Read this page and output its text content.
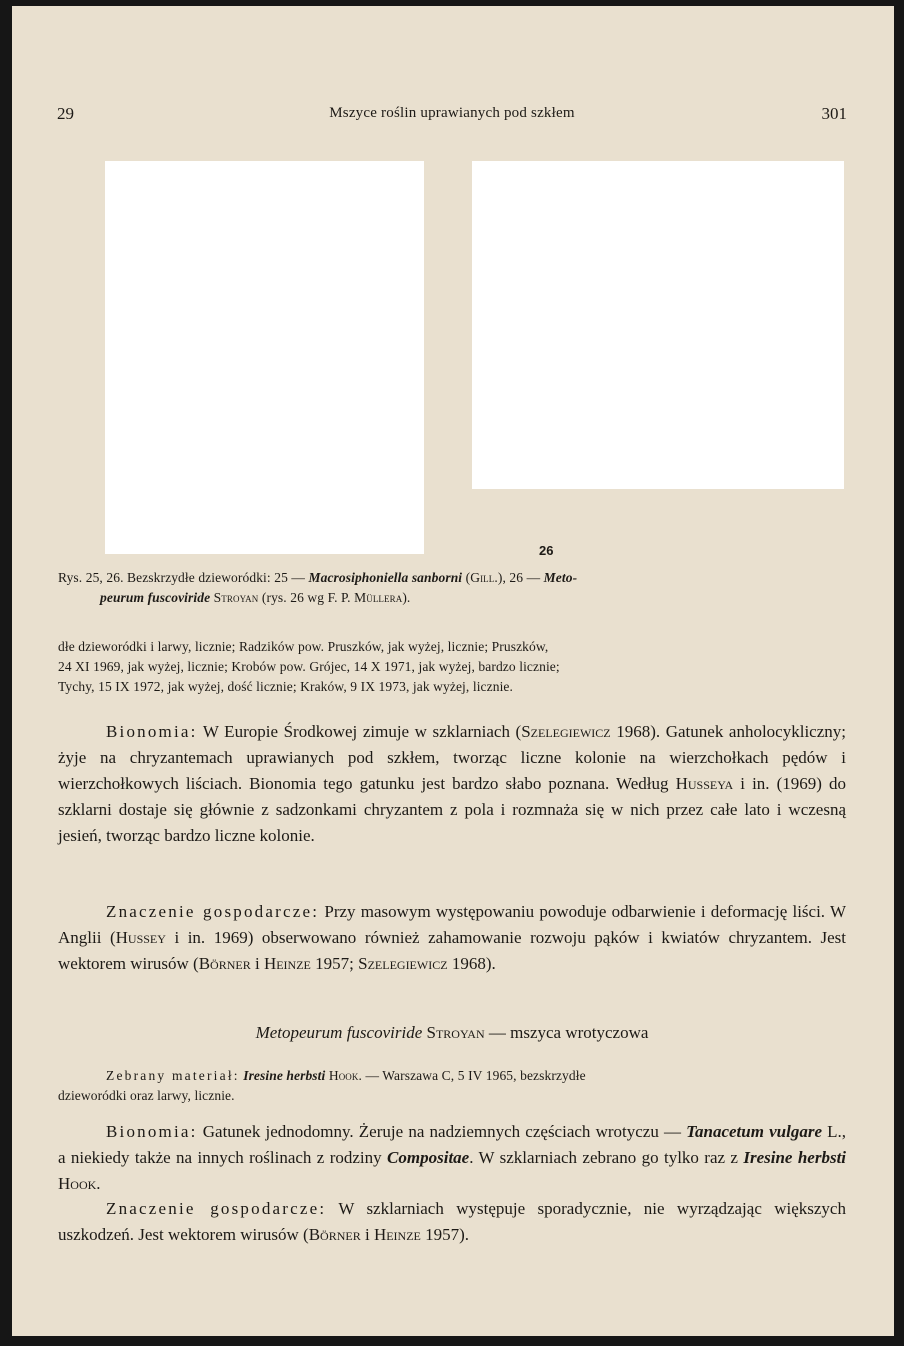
29	Mszyce roślin uprawianych pod szkłem	301
26
Rys. 25, 26. Bezskrzydłe dzieworódki: 25 — Macrosiphoniella sanborni (Gill.), 26 — Meto-
peurum fuscoviride Stroyan (rys. 26 wg F. P. Müllera).
dłe dzieworódki i larwy, licznie; Radzików pow. Pruszków, jak wyżej, licznie; Pruszków,
24 XI 1969, jak wyżej, licznie; Krobów pow. Grójec, 14 X 1971, jak wyżej, bardzo licznie;
Tychy, 15 IX 1972, jak wyżej, dość licznie; Kraków, 9 IX 1973, jak wyżej, licznie.
Bionomia: W Europie Środkowej zimuje w szklarniach (Szelegiewicz 1968). Gatunek anholocykliczny; żyje na chryzantemach uprawianych pod szkłem, tworząc liczne kolonie na wierzchołkach pędów i wierzchołkowych liściach. Bionomia tego gatunku jest bardzo słabo poznana. Według Husseya i in. (1969) do szklarni dostaje się głównie z sadzonkami chryzantem z pola i rozmnaża się w nich przez całe lato i wczesną jesień, tworząc bardzo liczne kolonie.
Znaczenie gospodarcze: Przy masowym występowaniu powoduje odbarwienie i deformację liści. W Anglii (Hussey i in. 1969) obserwowano również zahamowanie rozwoju pąków i kwiatów chryzantem. Jest wektorem wirusów (Börner i Heinze 1957; Szelegiewicz 1968).
Metopeurum fuscoviride Stroyan — mszyca wrotyczowa
Zebrany materiał: Iresine herbsti Hook. — Warszawa C, 5 IV 1965, bezskrzydłe
dzieworódki oraz larwy, licznie.
Bionomia: Gatunek jednodomny. Żeruje na nadziemnych częściach wrotyczu — Tanacetum vulgare L., a niekiedy także na innych roślinach z rodziny Compositae. W szklarniach zebrano go tylko raz z Iresine herbsti Hook.
Znaczenie gospodarcze: W szklarniach występuje sporadycznie, nie wyrządzając większych uszkodzeń. Jest wektorem wirusów (Börner i Heinze 1957).
